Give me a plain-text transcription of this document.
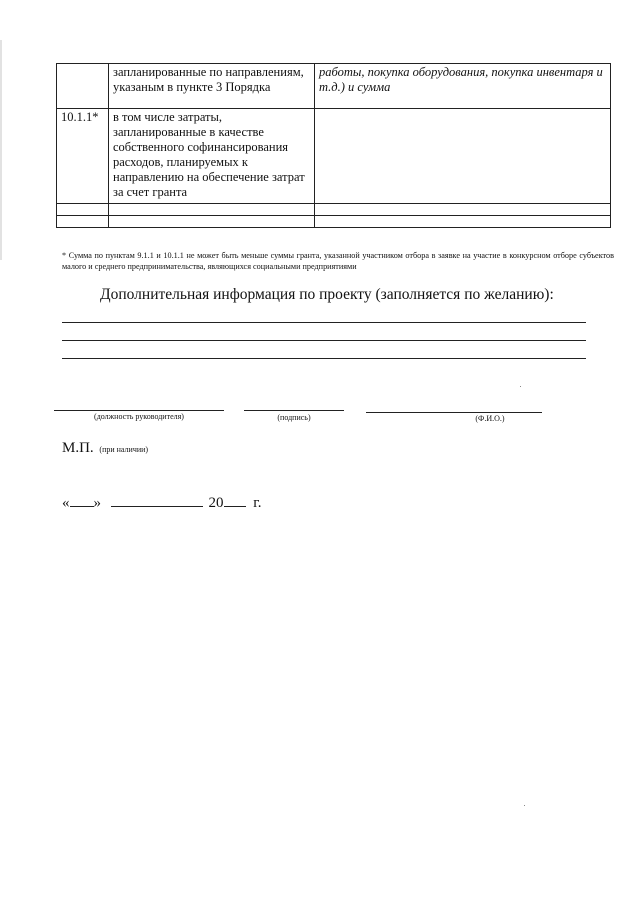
	запланированные по направлениям, указаным в пункте 3 Порядка	работы, покупка оборудования, покупка инвентаря и т.д.) и сумма
10.1.1*	в том числе затраты, запланированные в качестве собственного софинансирования расходов, планируемых к направлению на обеспечение затрат за счет гранта	

* Сумма по пунктам 9.1.1 и 10.1.1 не может быть меньше суммы гранта, указанной участником отбора в заявке на участие в конкурсном отборе субъектов малого и среднего предпринимательства, являющихся социальными предприятиями
Дополнительная информация по проекту (заполняется по желанию):
(должность руководителя)	(подпись)	(Ф.И.О.)
М.П. (при наличии)
« »	20 г.
